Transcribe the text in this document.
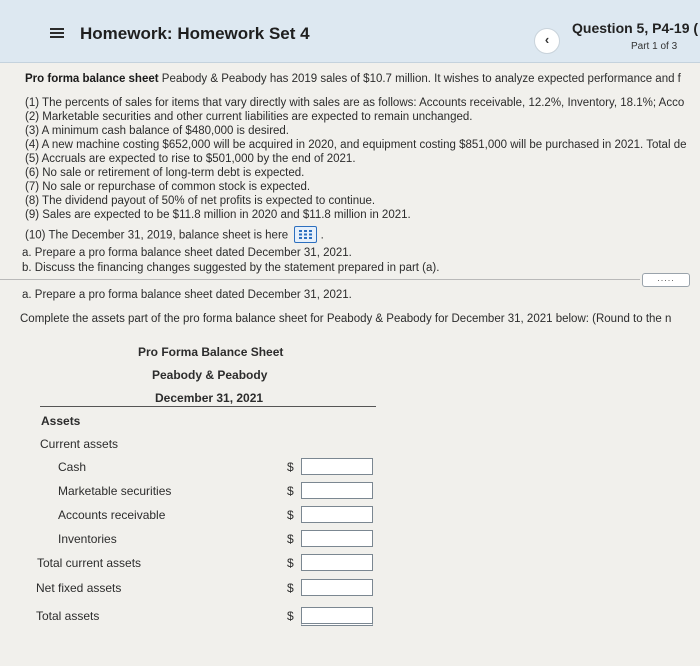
Homework: Homework Set 4	‹
Question 5, P4-19 (
Part 1 of 3
Pro forma balance sheet Peabody & Peabody has 2019 sales of $10.7 million. It wishes to analyze expected performance and f
(1) The percents of sales for items that vary directly with sales are as follows: Accounts receivable, 12.2%, Inventory, 18.1%; Acco
(2) Marketable securities and other current liabilities are expected to remain unchanged.
(3) A minimum cash balance of $480,000 is desired.
(4) A new machine costing $652,000 will be acquired in 2020, and equipment costing $851,000 will be purchased in 2021. Total de
(5) Accruals are expected to rise to $501,000 by the end of 2021.
(6) No sale or retirement of long-term debt is expected.
(7) No sale or repurchase of common stock is expected.
(8) The dividend payout of 50% of net profits is expected to continue.
(9) Sales are expected to be $11.8 million in 2020 and $11.8 million in 2021.
(10) The December 31, 2019, balance sheet is here	.
a. Prepare a pro forma balance sheet dated December 31, 2021.
b. Discuss the financing changes suggested by the statement prepared in part (a).
.....
a. Prepare a pro forma balance sheet dated December 31, 2021.
Complete the assets part of the pro forma balance sheet for Peabody & Peabody for December 31, 2021 below: (Round to the n
Pro Forma Balance Sheet
Peabody & Peabody
December 31, 2021
Assets
Current assets
Cash	$
Marketable securities	$
Accounts receivable	$
Inventories	$
Total current assets	$
Net fixed assets	$
Total assets	$
